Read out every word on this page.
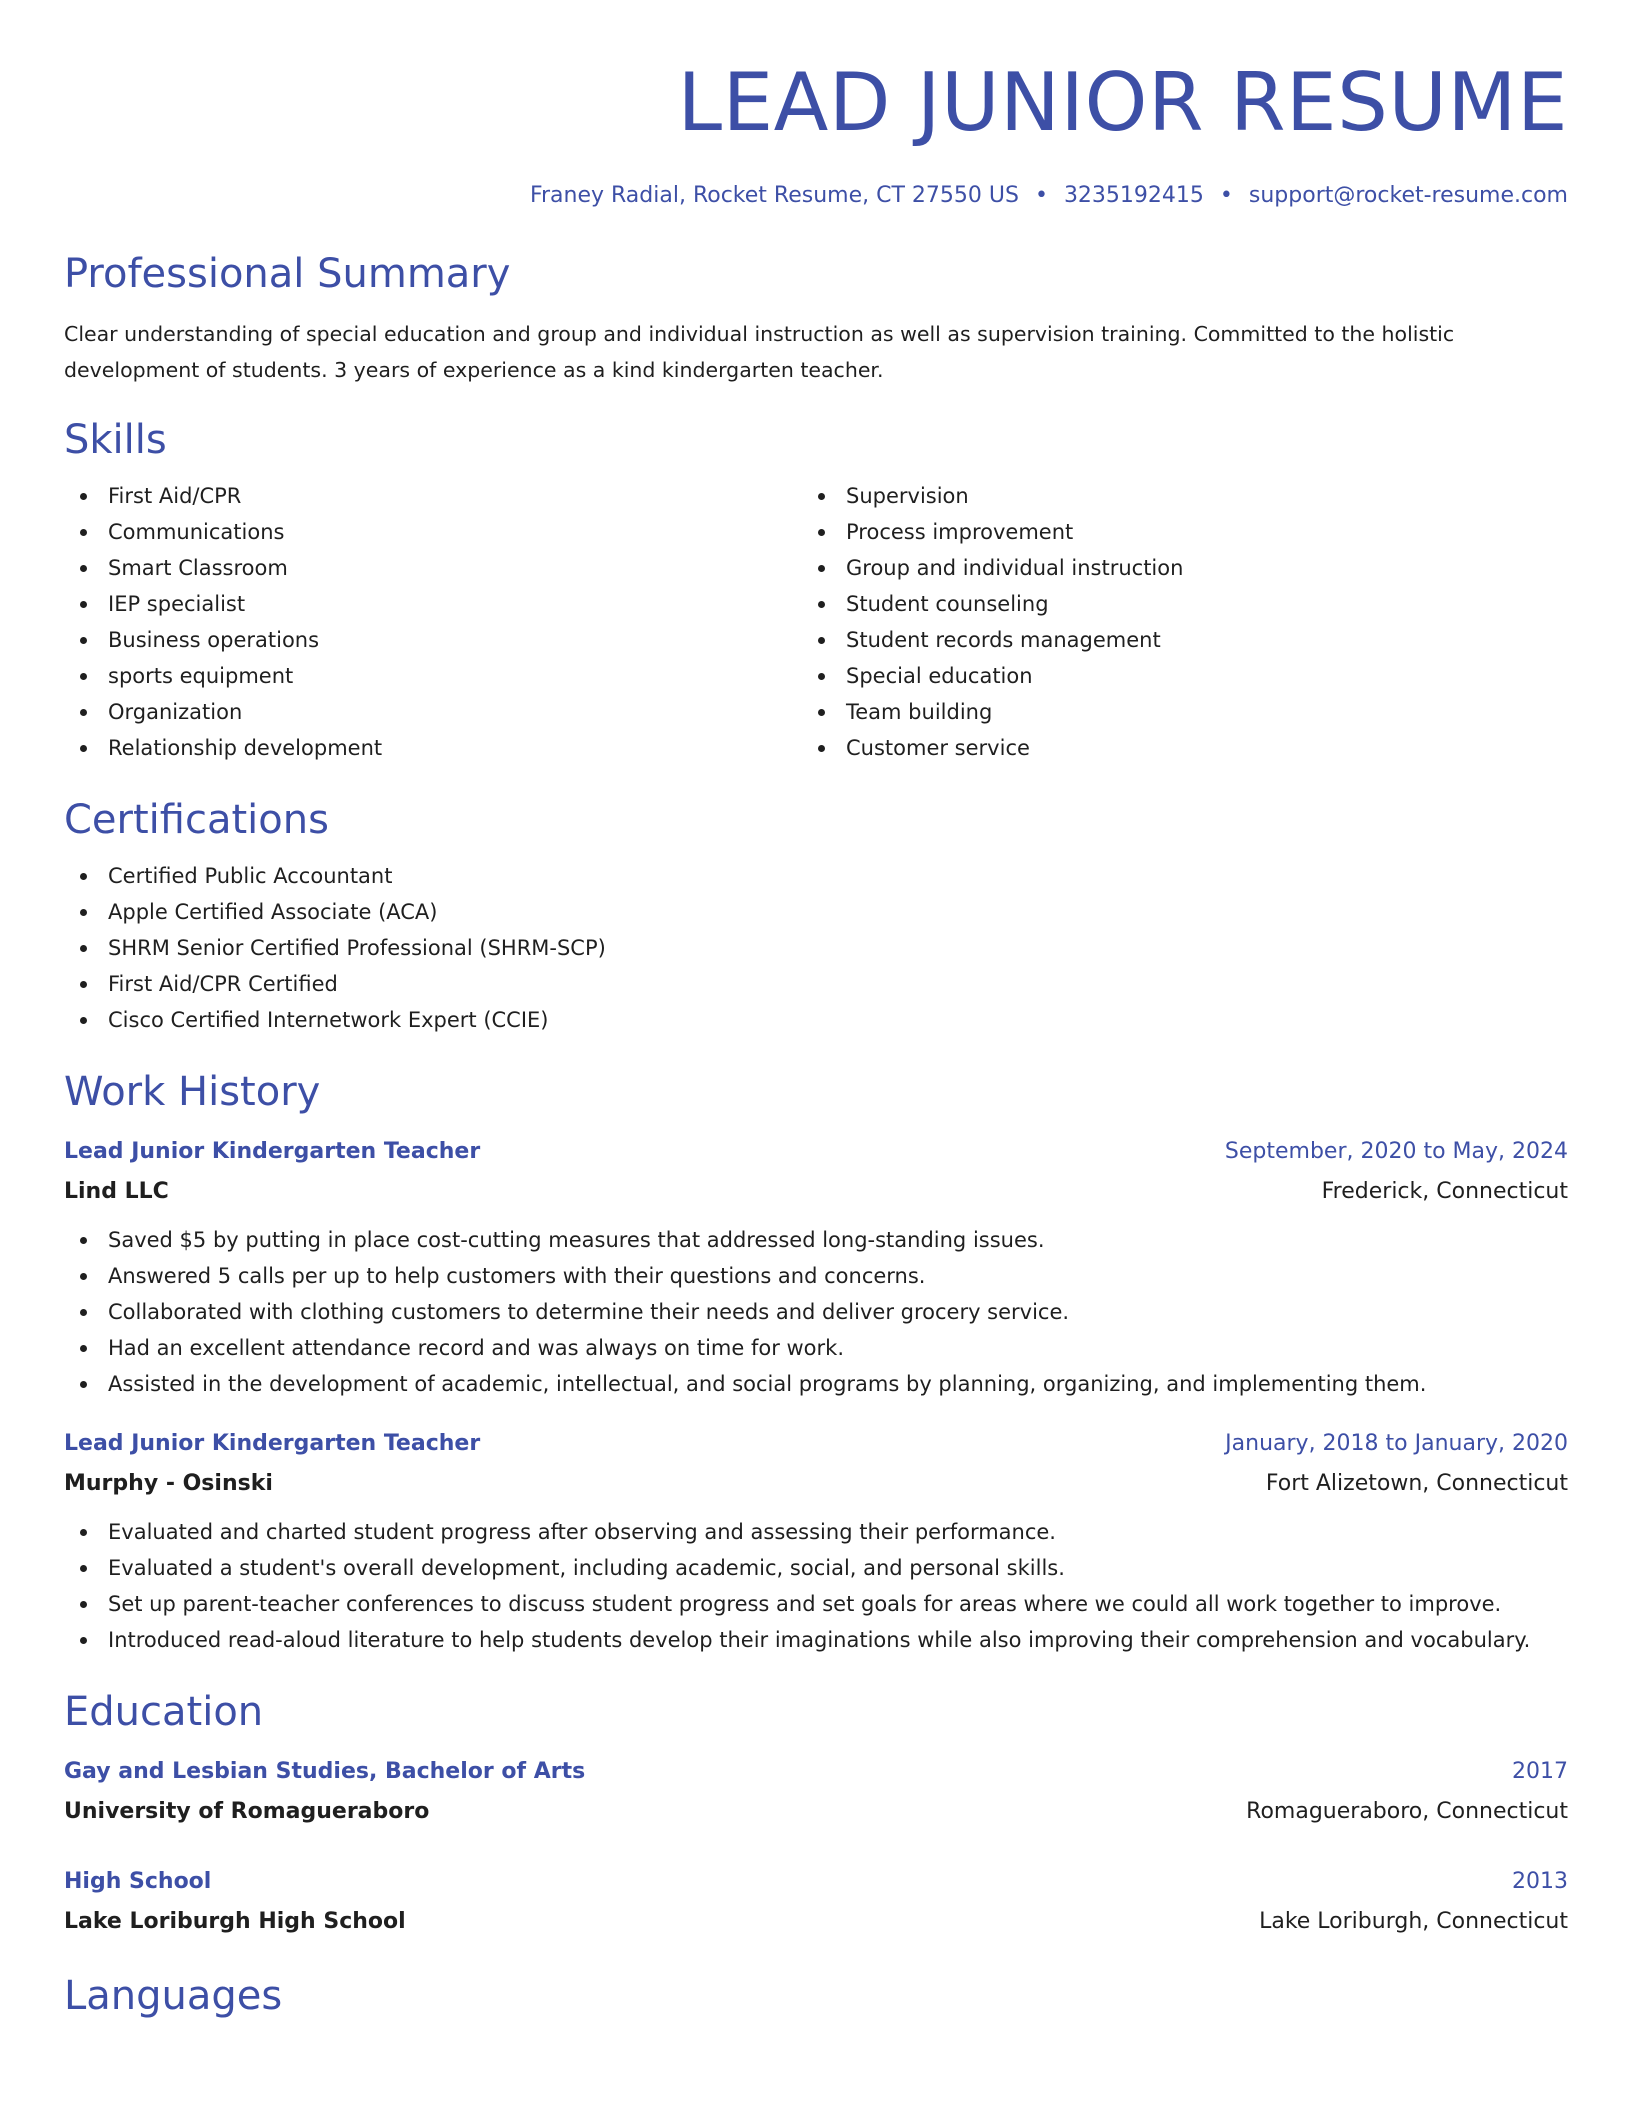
LEAD JUNIOR RESUME
Franey Radial, Rocket Resume, CT 27550 US • 3235192415 • support@rocket-resume.com
Professional Summary

Clear understanding of special education and group and individual instruction as well as supervision training. Committed to the holistic development of students. 3 years of experience as a kind kindergarten teacher.

Skills
First Aid/CPR
Communications
Smart Classroom
IEP specialist
Business operations
sports equipment
Organization
Relationship development
Supervision
Process improvement
Group and individual instruction
Student counseling
Student records management
Special education
Team building
Customer service
Certifications
Certified Public Accountant
Apple Certified Associate (ACA)
SHRM Senior Certified Professional (SHRM-SCP)
First Aid/CPR Certified
Cisco Certified Internetwork Expert (CCIE)
Work History
Lead Junior Kindergarten Teacher	September, 2020 to May, 2024
Lind LLC	Frederick, Connecticut
Saved $5 by putting in place cost-cutting measures that addressed long-standing issues.
Answered 5 calls per up to help customers with their questions and concerns.
Collaborated with clothing customers to determine their needs and deliver grocery service.
Had an excellent attendance record and was always on time for work.
Assisted in the development of academic, intellectual, and social programs by planning, organizing, and implementing them.
Lead Junior Kindergarten Teacher	January, 2018 to January, 2020
Murphy - Osinski	Fort Alizetown, Connecticut
Evaluated and charted student progress after observing and assessing their performance.
Evaluated a student's overall development, including academic, social, and personal skills.
Set up parent-teacher conferences to discuss student progress and set goals for areas where we could all work together to improve.
Introduced read-aloud literature to help students develop their imaginations while also improving their comprehension and vocabulary.
Education
Gay and Lesbian Studies, Bachelor of Arts	2017
University of Romagueraboro	Romagueraboro, Connecticut
High School	2013
Lake Loriburgh High School	Lake Loriburgh, Connecticut
Languages
